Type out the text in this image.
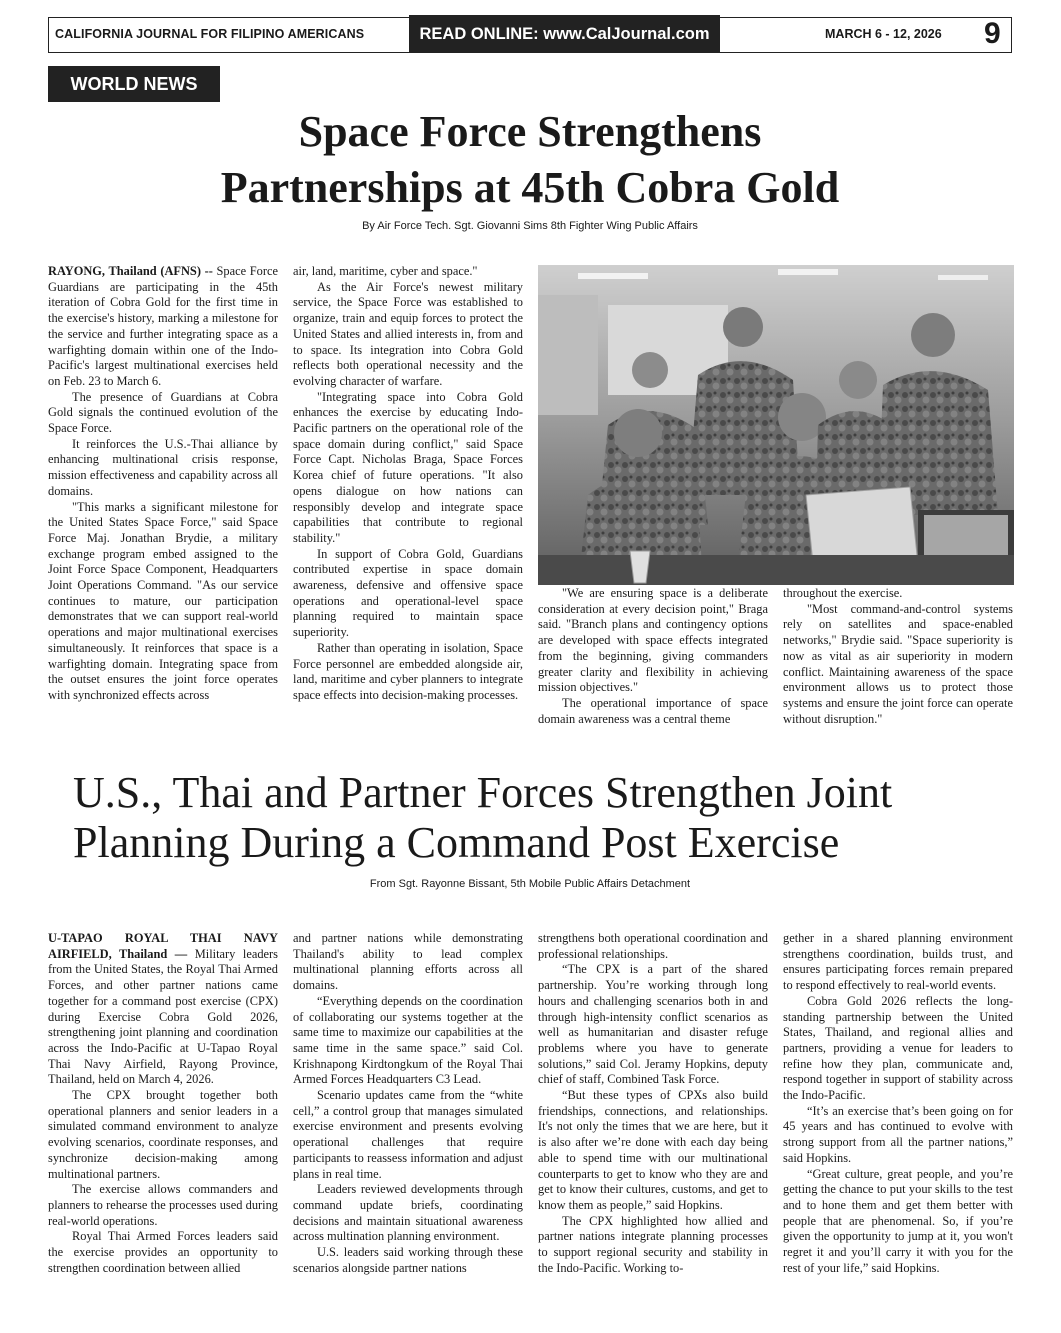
CALIFORNIA JOURNAL FOR FILIPINO AMERICANS	READ ONLINE: www.CalJournal.com	MARCH 6 - 12, 2026 9
WORLD NEWS
Space Force Strengthens
Partnerships at 45th Cobra Gold
By Air Force Tech. Sgt. Giovanni Sims 8th Fighter Wing Public Affairs

RAYONG, Thailand (AFNS) -- Space Force Guardians are participating in the 45th iteration of Cobra Gold for the first time in the exercise's history, marking a milestone for the service and further integrating space as a warfighting domain within one of the Indo-Pacific's largest multinational exercises held on Feb. 23 to March 6.

The presence of Guardians at Cobra Gold signals the continued evolution of the Space Force.

It reinforces the U.S.-Thai alliance by enhancing multinational crisis response, mission effectiveness and capability across all domains.

"This marks a significant milestone for the United States Space Force," said Space Force Maj. Jonathan Brydie, a military exchange program embed assigned to the Joint Force Space Component, Headquarters Joint Operations Command. "As our service continues to mature, our participation demonstrates that we can support real-world operations and major multinational exercises simultaneously. It reinforces that space is a warfighting domain. Integrating space from the outset ensures the joint force operates with synchronized effects across

air, land, maritime, cyber and space."

As the Air Force's newest military service, the Space Force was established to organize, train and equip forces to protect the United States and allied interests in, from and to space. Its integration into Cobra Gold reflects both operational necessity and the evolving character of warfare.

"Integrating space into Cobra Gold enhances the exercise by educating Indo-Pacific partners on the operational role of the space domain during conflict," said Space Force Capt. Nicholas Braga, Space Forces Korea chief of future operations. "It also opens dialogue on how nations can responsibly develop and integrate space capabilities that contribute to regional stability."

In support of Cobra Gold, Guardians contributed expertise in space domain awareness, defensive and offensive space operations and operational-level space planning required to maintain space superiority.

Rather than operating in isolation, Space Force personnel are embedded alongside air, land, maritime and cyber planners to integrate space effects into decision-making processes.

"We are ensuring space is a deliberate consideration at every decision point," Braga said. "Branch plans and contingency options are developed with space effects integrated from the beginning, giving commanders greater clarity and flexibility in achieving mission objectives."

The operational importance of space domain awareness was a central theme

throughout the exercise.

"Most command-and-control systems rely on satellites and space-enabled networks," Brydie said. "Space superiority is now as vital as air superiority in modern conflict. Maintaining awareness of the space environment allows us to protect those systems and ensure the joint force can operate without disruption."

U.S., Thai and Partner Forces Strengthen Joint
Planning During a Command Post Exercise
From Sgt. Rayonne Bissant, 5th Mobile Public Affairs Detachment

U-TAPAO ROYAL THAI NAVY AIRFIELD, Thailand — Military leaders from the United States, the Royal Thai Armed Forces, and other partner nations came together for a command post exercise (CPX) during Exercise Cobra Gold 2026, strengthening joint planning and coordination across the Indo-Pacific at U-Tapao Royal Thai Navy Airfield, Rayong Province, Thailand, held on March 4, 2026.

The CPX brought together both operational planners and senior leaders in a simulated command environment to analyze evolving scenarios, coordinate responses, and synchronize decision-making among multinational partners.

The exercise allows commanders and planners to rehearse the processes used during real-world operations.

Royal Thai Armed Forces leaders said the exercise provides an opportunity to strengthen coordination between allied

and partner nations while demonstrating Thailand's ability to lead complex multinational planning efforts across all domains.

“Everything depends on the coordination of collaborating our systems together at the same time to maximize our capabilities at the same time in the same space.” said Col. Krishnapong Kirdtongkum of the Royal Thai Armed Forces Headquarters C3 Lead.

Scenario updates came from the “white cell,” a control group that manages simulated exercise environment and presents evolving operational challenges that require participants to reassess information and adjust plans in real time.

Leaders reviewed developments through command update briefs, coordinating decisions and maintain situational awareness across multination planning environment.

U.S. leaders said working through these scenarios alongside partner nations

strengthens both operational coordination and professional relationships.

“The CPX is a part of the shared partnership. You’re working through long hours and challenging scenarios both in and through high-intensity conflict scenarios as well as humanitarian and disaster refuge problems where you have to generate solutions,” said Col. Jeramy Hopkins, deputy chief of staff, Combined Task Force.

“But these types of CPXs also build friendships, connections, and relationships. It's not only the times that we are here, but it is also after we’re done with each day being able to spend time with our multinational counterparts to get to know who they are and get to know their cultures, customs, and get to know them as people,” said Hopkins.

The CPX highlighted how allied and partner nations integrate planning processes to support regional security and stability in the Indo-Pacific. Working to-

gether in a shared planning environment strengthens coordination, builds trust, and ensures participating forces remain prepared to respond effectively to real-world events.

Cobra Gold 2026 reflects the long-standing partnership between the United States, Thailand, and regional allies and partners, providing a venue for leaders to refine how they plan, communicate and, respond together in support of stability across the Indo-Pacific.

“It’s an exercise that’s been going on for 45 years and has continued to evolve with strong support from all the partner nations,” said Hopkins.

“Great culture, great people, and you’re getting the chance to put your skills to the test and to hone them and get them better with people that are phenomenal. So, if you’re given the opportunity to jump at it, you won't regret it and you’ll carry it with you for the rest of your life,” said Hopkins.
